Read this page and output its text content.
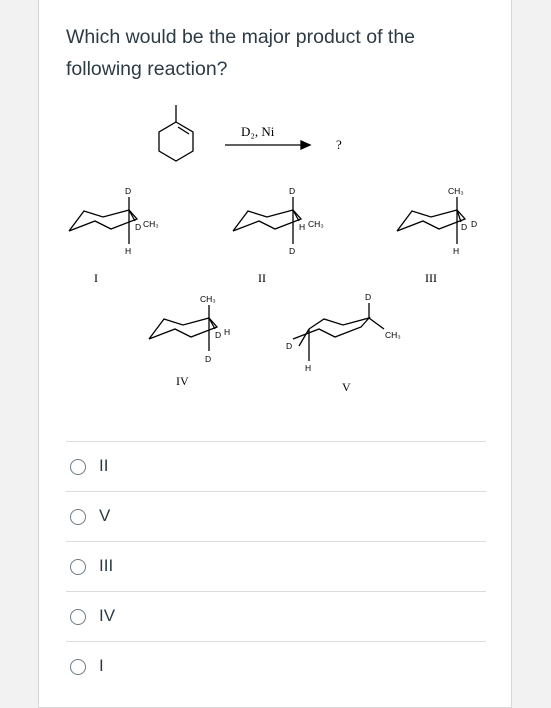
Which would be the major product of the
following reaction?
D₂, Ni
?
D
H
D CH₃
I
D
D
H CH₃
II
CH₃
H
D D
III
CH₃
D
D H
IV
D
D
H
CH₃
V
II
V
III
IV
I
